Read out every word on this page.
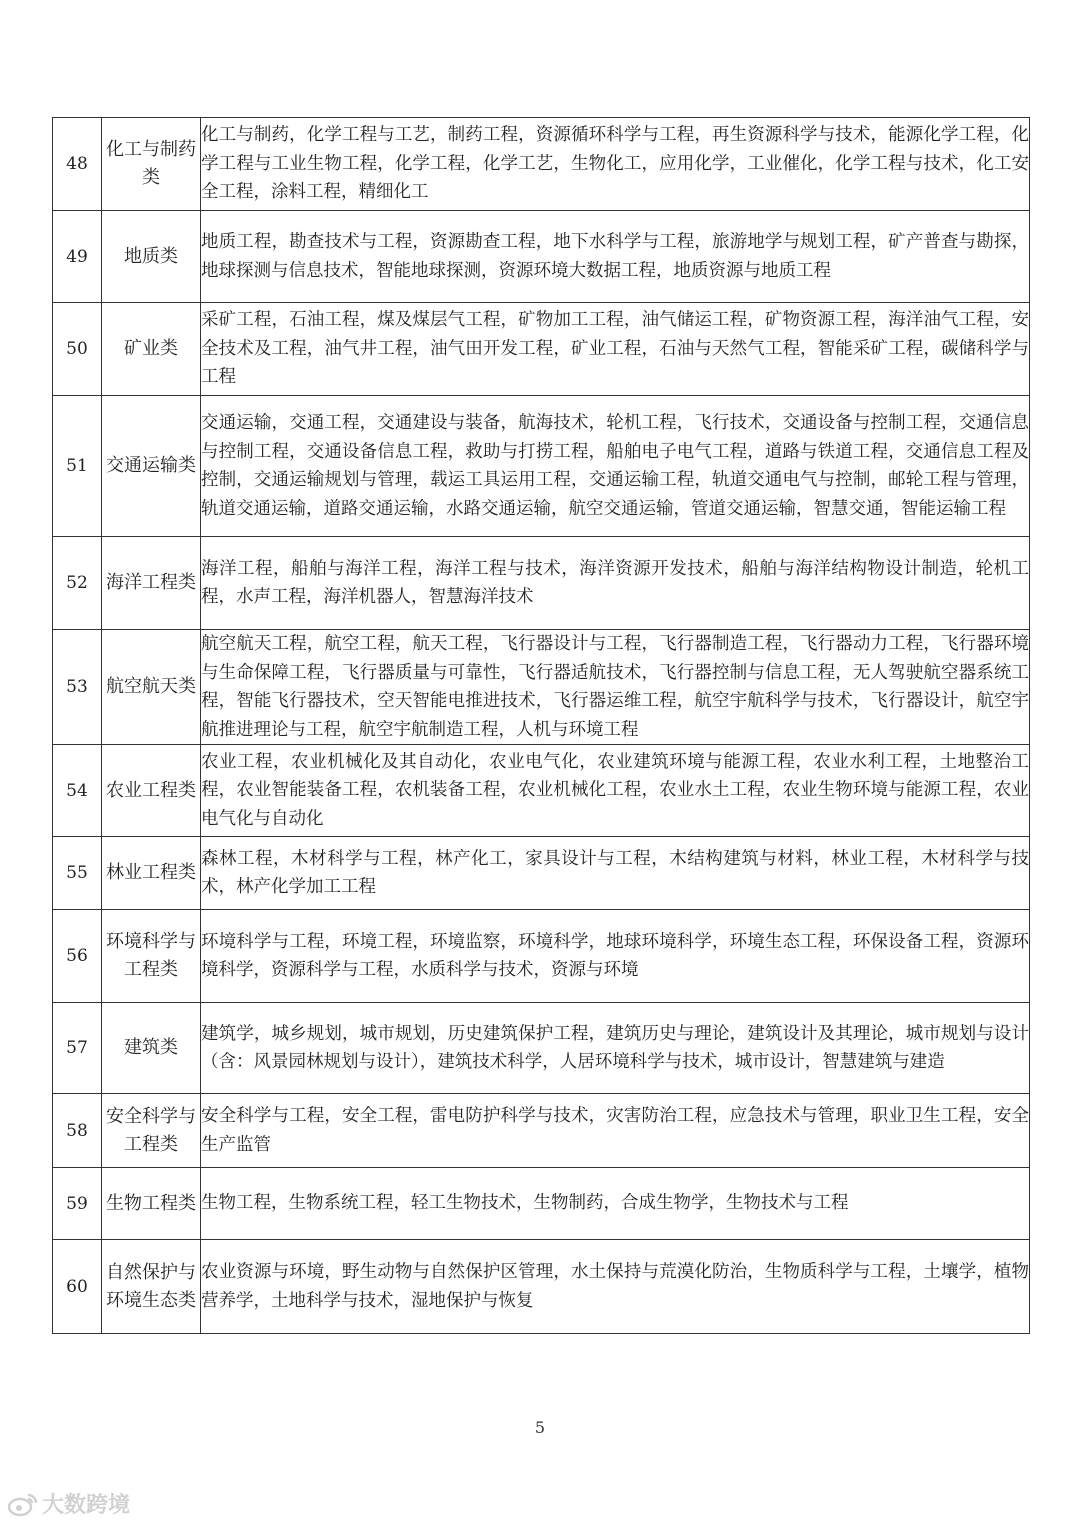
48	化工与制药类	化工与制药，化学工程与工艺，制药工程，资源循环科学与工程，再生资源科学与技术，能源化学工程，化学工程与工业生物工程，化学工程，化学工艺，生物化工，应用化学，工业催化，化学工程与技术，化工安全工程，涂料工程，精细化工
49	地质类	地质工程，勘查技术与工程，资源勘查工程，地下水科学与工程，旅游地学与规划工程，矿产普查与勘探，地球探测与信息技术，智能地球探测，资源环境大数据工程，地质资源与地质工程
50	矿业类	采矿工程，石油工程，煤及煤层气工程，矿物加工工程，油气储运工程，矿物资源工程，海洋油气工程，安全技术及工程，油气井工程，油气田开发工程，矿业工程，石油与天然气工程，智能采矿工程，碳储科学与工程
51	交通运输类	交通运输，交通工程，交通建设与装备，航海技术，轮机工程，飞行技术，交通设备与控制工程，交通信息与控制工程，交通设备信息工程，救助与打捞工程，船舶电子电气工程，道路与铁道工程，交通信息工程及控制，交通运输规划与管理，载运工具运用工程，交通运输工程，轨道交通电气与控制，邮轮工程与管理，轨道交通运输，道路交通运输，水路交通运输，航空交通运输，管道交通运输，智慧交通，智能运输工程
52	海洋工程类	海洋工程，船舶与海洋工程，海洋工程与技术，海洋资源开发技术，船舶与海洋结构物设计制造，轮机工程，水声工程，海洋机器人，智慧海洋技术
53	航空航天类	航空航天工程，航空工程，航天工程，飞行器设计与工程，飞行器制造工程，飞行器动力工程，飞行器环境与生命保障工程，飞行器质量与可靠性，飞行器适航技术，飞行器控制与信息工程，无人驾驶航空器系统工程，智能飞行器技术，空天智能电推进技术，飞行器运维工程，航空宇航科学与技术，飞行器设计，航空宇航推进理论与工程，航空宇航制造工程，人机与环境工程
54	农业工程类	农业工程，农业机械化及其自动化，农业电气化，农业建筑环境与能源工程，农业水利工程，土地整治工程，农业智能装备工程，农机装备工程，农业机械化工程，农业水土工程，农业生物环境与能源工程，农业电气化与自动化
55	林业工程类	森林工程，木材科学与工程，林产化工，家具设计与工程，木结构建筑与材料，林业工程，木材科学与技术，林产化学加工工程
56	环境科学与工程类	环境科学与工程，环境工程，环境监察，环境科学，地球环境科学，环境生态工程，环保设备工程，资源环境科学，资源科学与工程，水质科学与技术，资源与环境
57	建筑类	建筑学，城乡规划，城市规划，历史建筑保护工程，建筑历史与理论，建筑设计及其理论，城市规划与设计（含：风景园林规划与设计），建筑技术科学，人居环境科学与技术，城市设计，智慧建筑与建造
58	安全科学与工程类	安全科学与工程，安全工程，雷电防护科学与技术，灾害防治工程，应急技术与管理，职业卫生工程，安全生产监管
59	生物工程类	生物工程，生物系统工程，轻工生物技术，生物制药，合成生物学，生物技术与工程
60	自然保护与环境生态类	农业资源与环境，野生动物与自然保护区管理，水土保持与荒漠化防治，生物质科学与工程，土壤学，植物营养学，土地科学与技术，湿地保护与恢复
5
大数跨境
